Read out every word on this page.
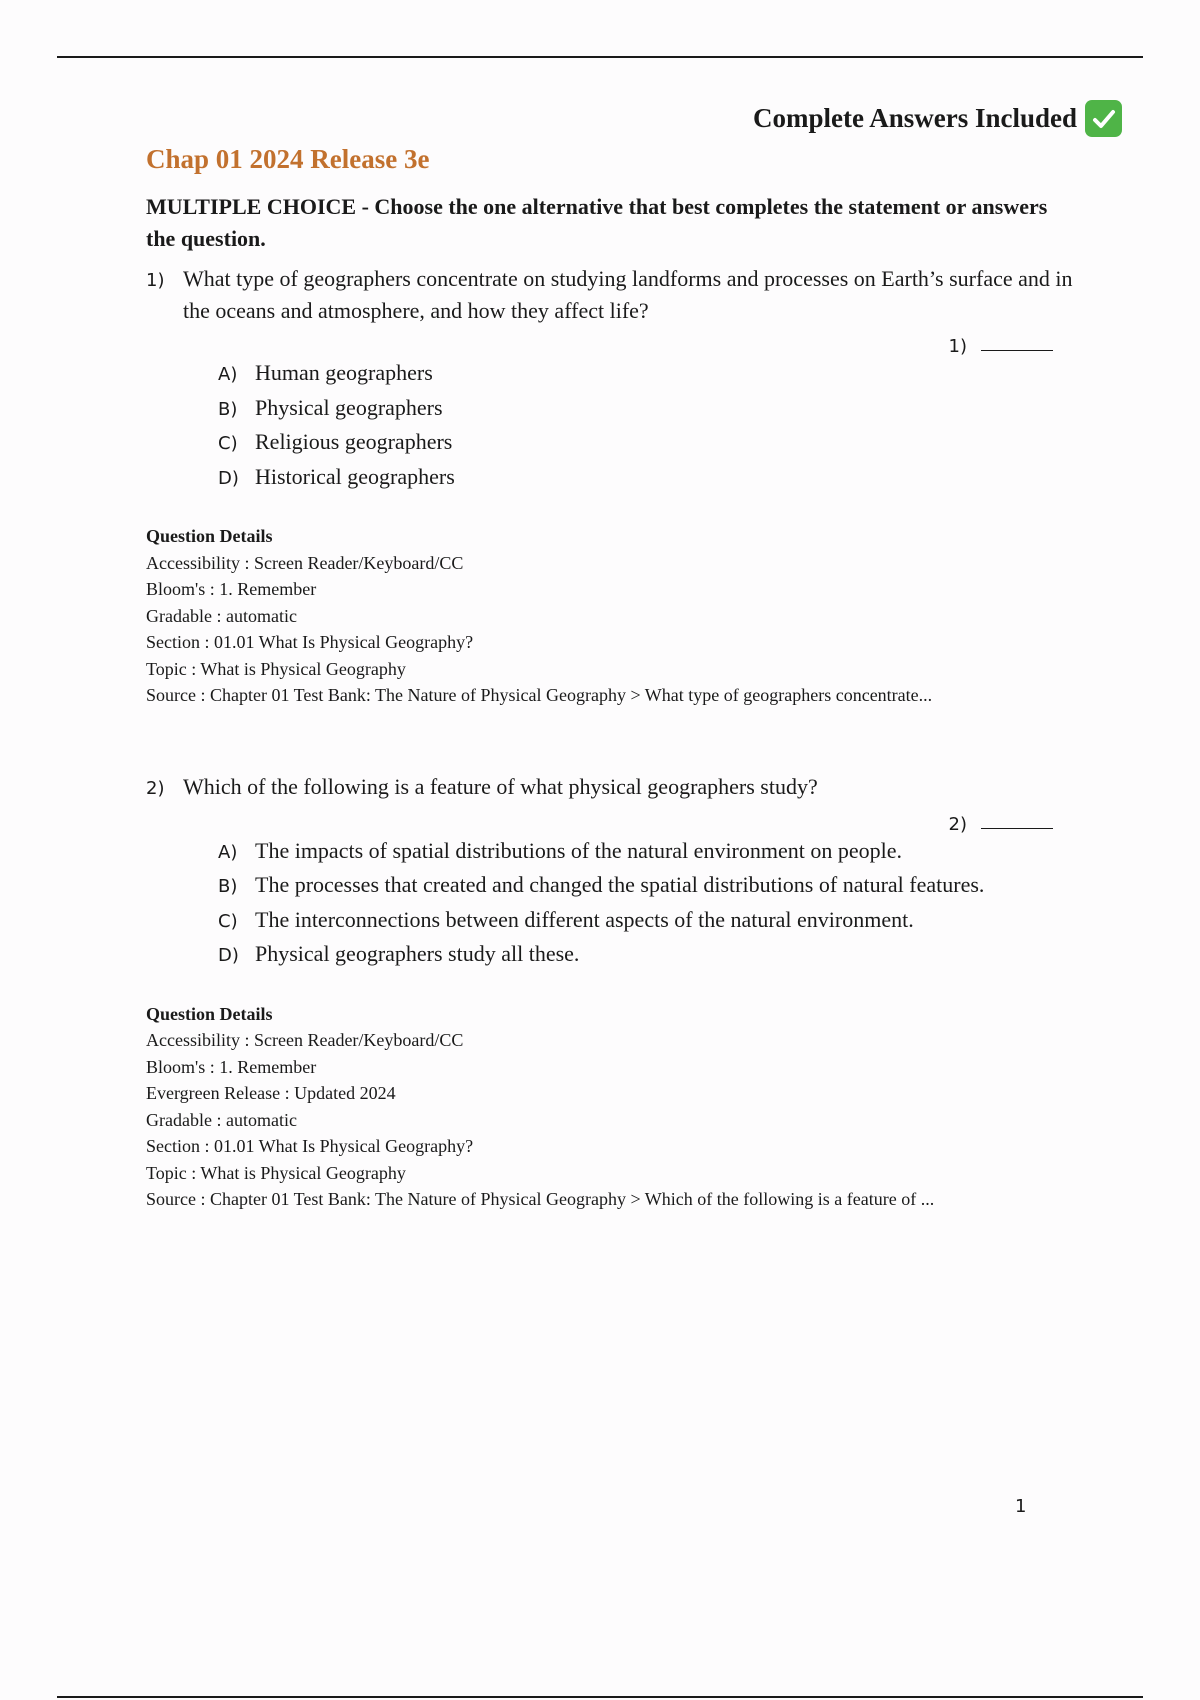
Complete Answers Included
Chap 01 2024 Release 3e
MULTIPLE CHOICE - Choose the one alternative that best completes the statement or answers the question.
1) What type of geographers concentrate on studying landforms and processes on Earth’s surface and in the oceans and atmosphere, and how they affect life?
1)
A) Human geographers
B) Physical geographers
C) Religious geographers
D) Historical geographers
Question Details
Accessibility : Screen Reader/Keyboard/CC
Bloom's : 1. Remember
Gradable : automatic
Section : 01.01 What Is Physical Geography?
Topic : What is Physical Geography
Source : Chapter 01 Test Bank: The Nature of Physical Geography > What type of geographers concentrate...
2) Which of the following is a feature of what physical geographers study?
2)
A) The impacts of spatial distributions of the natural environment on people.
B) The processes that created and changed the spatial distributions of natural features.
C) The interconnections between different aspects of the natural environment.
D) Physical geographers study all these.
Question Details
Accessibility : Screen Reader/Keyboard/CC
Bloom's : 1. Remember
Evergreen Release : Updated 2024
Gradable : automatic
Section : 01.01 What Is Physical Geography?
Topic : What is Physical Geography
Source : Chapter 01 Test Bank: The Nature of Physical Geography > Which of the following is a feature of ...
1
